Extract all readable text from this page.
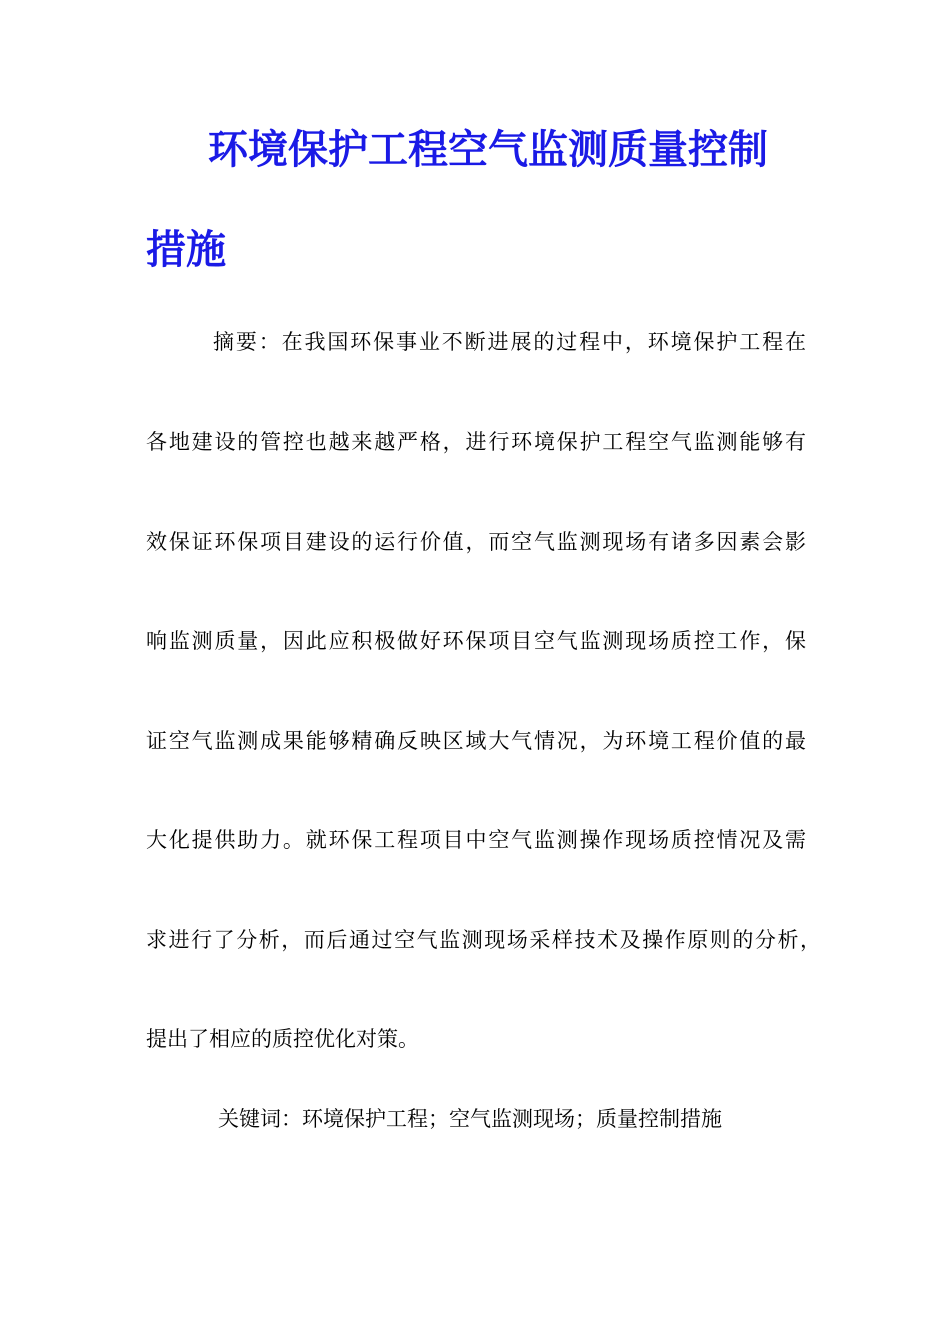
环境保护工程空气监测质量控制
措施
摘要：在我国环保事业不断进展的过程中，环境保护工程在
各地建设的管控也越来越严格，进行环境保护工程空气监测能够有
效保证环保项目建设的运行价值，而空气监测现场有诸多因素会影
响监测质量，因此应积极做好环保项目空气监测现场质控工作，保
证空气监测成果能够精确反映区域大气情况，为环境工程价值的最
大化提供助力。就环保工程项目中空气监测操作现场质控情况及需
求进行了分析，而后通过空气监测现场采样技术及操作原则的分析，
提出了相应的质控优化对策。
关键词：环境保护工程；空气监测现场；质量控制措施
